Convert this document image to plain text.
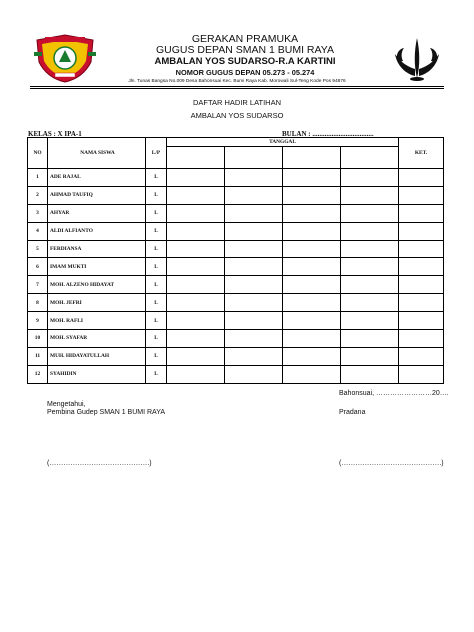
GERAKAN PRAMUKA
GUGUS DEPAN SMAN 1 BUMI RAYA
AMBALAN YOS SUDARSO-R.A KARTINI
NOMOR GUGUS DEPAN 05.273 - 05.274
Jln. Tunas Bangsa No.009 Desa Bahonsuai Kec. Bumi Raya Kab. Morowali Sul-Teng Kode Pos 94876
DAFTAR HADIR LATIHAN
AMBALAN YOS SUDARSO
KELAS : X IPA-1	BULAN : ...................................
NO	NAMA SISWA	L/P	TANGGAL				KET.

1	ADE RAJAL	L					
2	AHMAD TAUFIQ	L					
3	AHYAR	L					
4	ALDI ALFIANTO	L					
5	FERDIANSA	L					
6	IMAM MUKTI	L					
7	MOH. ALZENO HIDAYAT	L					
8	MOH. JEFRI	L					
9	MOH. RAFLI	L					
10	MOH. SYAFAR	L					
11	MUH. HIDAYATULLAH	L					
12	SYAHIDIN	L					
Bahonsuai, ……………………20….
Mengetahui,
Pembina Gudep SMAN 1 BUMI RAYA	Pradana
(…………………………………….)	(…………………………………….)
